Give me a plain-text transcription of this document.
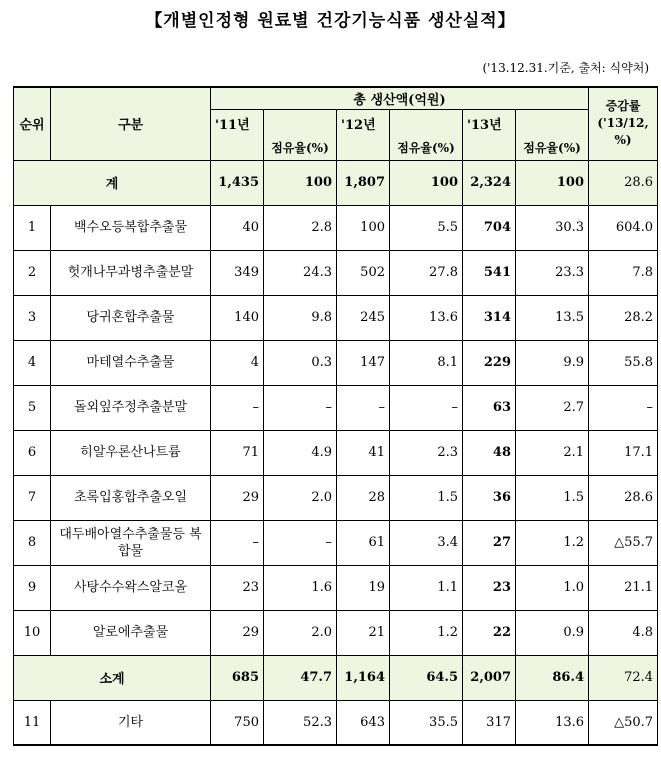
【개별인정형 원료별 건강기능식품 생산실적】
('13.12.31.기준, 출처: 식약처)
순위	구분	총 생산액(억원)						증감률('13/12, %)
		'11년	점유율(%)	'12년	점유율(%)	'13년	점유율(%)	
계		1,435	100	1,807	100	2,324	100	28.6
1	백수오등복합추출물	40	2.8	100	5.5	704	30.3	604.0
2	헛개나무과병추출분말	349	24.3	502	27.8	541	23.3	7.8
3	당귀혼합추출물	140	9.8	245	13.6	314	13.5	28.2
4	마테열수추출물	4	0.3	147	8.1	229	9.9	55.8
5	돌외잎주정추출분말	–	–	–	–	63	2.7	–
6	히알우론산나트륨	71	4.9	41	2.3	48	2.1	17.1
7	초록입홍합추출오일	29	2.0	28	1.5	36	1.5	28.6
8	대두배아열수추출물등 복합물	–	–	61	3.4	27	1.2	△55.7
9	사탕수수왁스알코올	23	1.6	19	1.1	23	1.0	21.1
10	알로에추출물	29	2.0	21	1.2	22	0.9	4.8
소계		685	47.7	1,164	64.5	2,007	86.4	72.4
11	기타	750	52.3	643	35.5	317	13.6	△50.7
